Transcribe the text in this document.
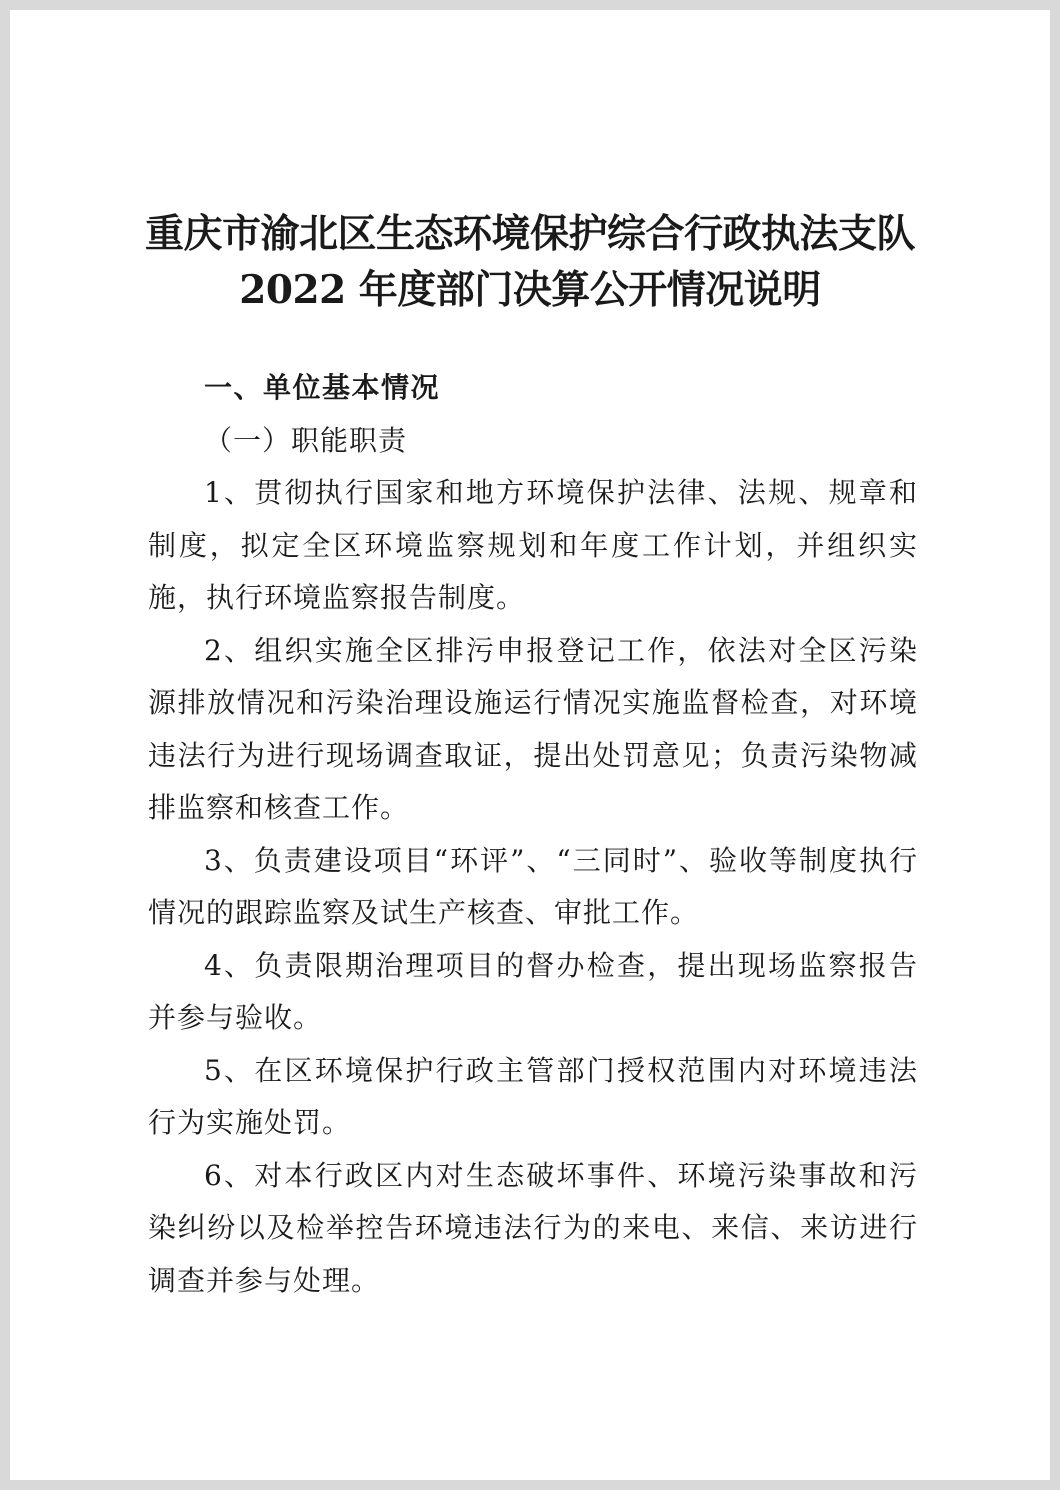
重庆市渝北区生态环境保护综合行政执法支队
2022 年度部门决算公开情况说明

一、单位基本情况

（一）职能职责

1、贯彻执行国家和地方环境保护法律、法规、规章和制度，拟定全区环境监察规划和年度工作计划，并组织实施，执行环境监察报告制度。

2、组织实施全区排污申报登记工作，依法对全区污染源排放情况和污染治理设施运行情况实施监督检查，对环境违法行为进行现场调查取证，提出处罚意见；负责污染物减排监察和核查工作。

3、负责建设项目“环评”、“三同时”、验收等制度执行情况的跟踪监察及试生产核查、审批工作。

4、负责限期治理项目的督办检查，提出现场监察报告并参与验收。

5、在区环境保护行政主管部门授权范围内对环境违法行为实施处罚。

6、对本行政区内对生态破坏事件、环境污染事故和污染纠纷以及检举控告环境违法行为的来电、来信、来访进行调查并参与处理。
